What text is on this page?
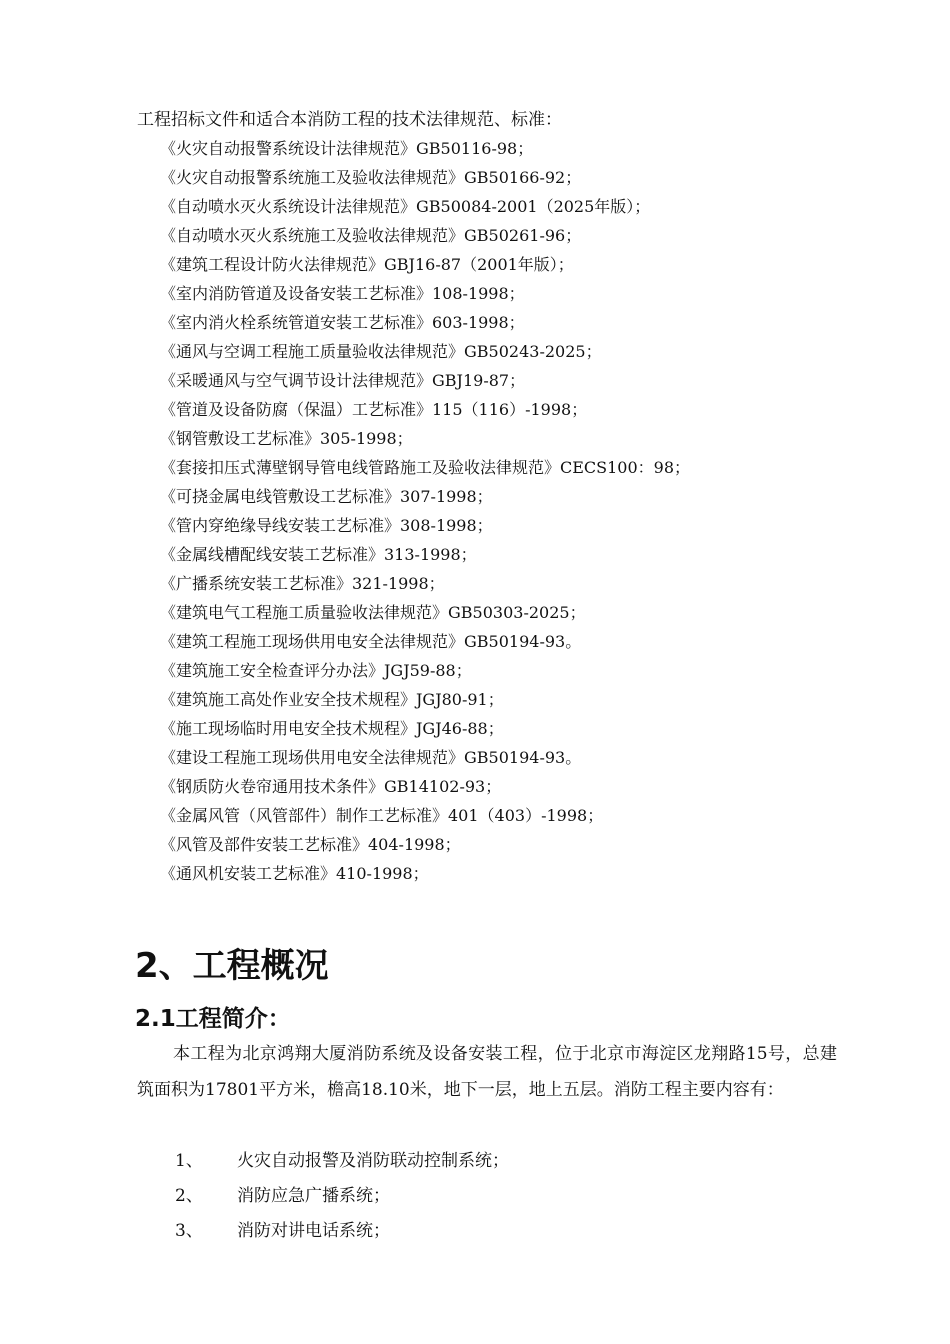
工程招标文件和适合本消防工程的技术法律规范、标准：
《火灾自动报警系统设计法律规范》GB50116-98；
《火灾自动报警系统施工及验收法律规范》GB50166-92；
《自动喷水灭火系统设计法律规范》GB50084-2001（2025年版）；
《自动喷水灭火系统施工及验收法律规范》GB50261-96；
《建筑工程设计防火法律规范》GBJ16-87（2001年版）；
《室内消防管道及设备安装工艺标准》108-1998；
《室内消火栓系统管道安装工艺标准》603-1998；
《通风与空调工程施工质量验收法律规范》GB50243-2025；
《采暖通风与空气调节设计法律规范》GBJ19-87；
《管道及设备防腐（保温）工艺标准》115（116）-1998；
《钢管敷设工艺标准》305-1998；
《套接扣压式薄壁钢导管电线管路施工及验收法律规范》CECS100：98；
《可挠金属电线管敷设工艺标准》307-1998；
《管内穿绝缘导线安装工艺标准》308-1998；
《金属线槽配线安装工艺标准》313-1998；
《广播系统安装工艺标准》321-1998；
《建筑电气工程施工质量验收法律规范》GB50303-2025；
《建筑工程施工现场供用电安全法律规范》GB50194-93。
《建筑施工安全检查评分办法》JGJ59-88；
《建筑施工高处作业安全技术规程》JGJ80-91；
《施工现场临时用电安全技术规程》JGJ46-88；
《建设工程施工现场供用电安全法律规范》GB50194-93。
《钢质防火卷帘通用技术条件》GB14102-93；
《金属风管（风管部件）制作工艺标准》401（403）-1998；
《风管及部件安装工艺标准》404-1998；
《通风机安装工艺标准》410-1998；
2、工程概况
2.1工程简介：

本工程为北京鸿翔大厦消防系统及设备安装工程，位于北京市海淀区龙翔路15号，总建筑面积为17801平方米，檐高18.10米，地下一层，地上五层。消防工程主要内容有：

1、 火灾自动报警及消防联动控制系统；
2、 消防应急广播系统；
3、 消防对讲电话系统；
